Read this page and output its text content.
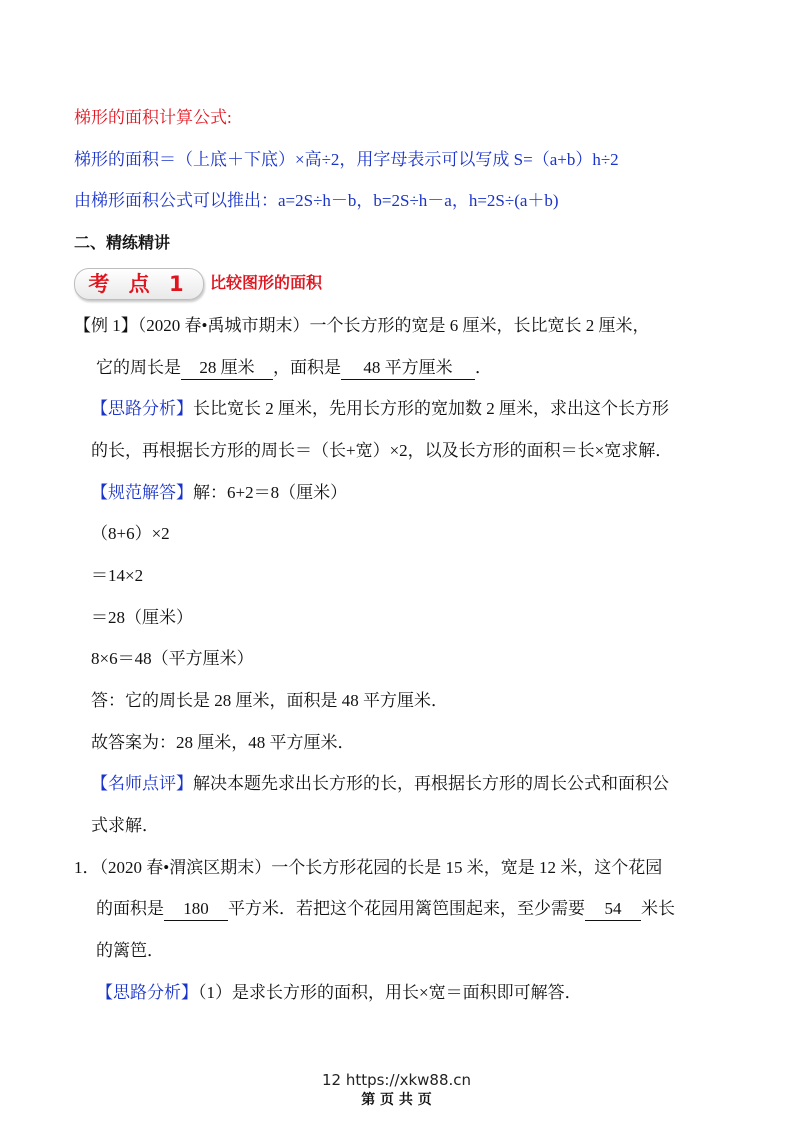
梯形的面积计算公式:
梯形的面积＝（上底＋下底）×高÷2，用字母表示可以写成 S=（a+b）h÷2
由梯形面积公式可以推出：a=2S÷h－b，b=2S÷h－a，h=2S÷(a＋b)
二、精练精讲
考 点 1	比较图形的面积
【例 1】（2020 春•禹城市期末）一个长方形的宽是 6 厘米，长比宽长 2 厘米，
它的周长是 28 厘米 ，面积是 48 平方厘米 ．
【思路分析】长比宽长 2 厘米，先用长方形的宽加数 2 厘米，求出这个长方形
的长，再根据长方形的周长＝（长+宽）×2，以及长方形的面积＝长×宽求解．
【规范解答】解：6+2＝8（厘米）
（8+6）×2
＝14×2
＝28（厘米）
8×6＝48（平方厘米）
答：它的周长是 28 厘米，面积是 48 平方厘米．
故答案为：28 厘米，48 平方厘米．
【名师点评】解决本题先求出长方形的长，再根据长方形的周长公式和面积公
式求解．
1．（2020 春•渭滨区期末）一个长方形花园的长是 15 米，宽是 12 米，这个花园
的面积是 180 平方米．若把这个花园用篱笆围起来，至少需要 54 米长
的篱笆．
【思路分析】（1）是求长方形的面积，用长×宽＝面积即可解答．
12 https://xkw88.cn
第 页 共 页
